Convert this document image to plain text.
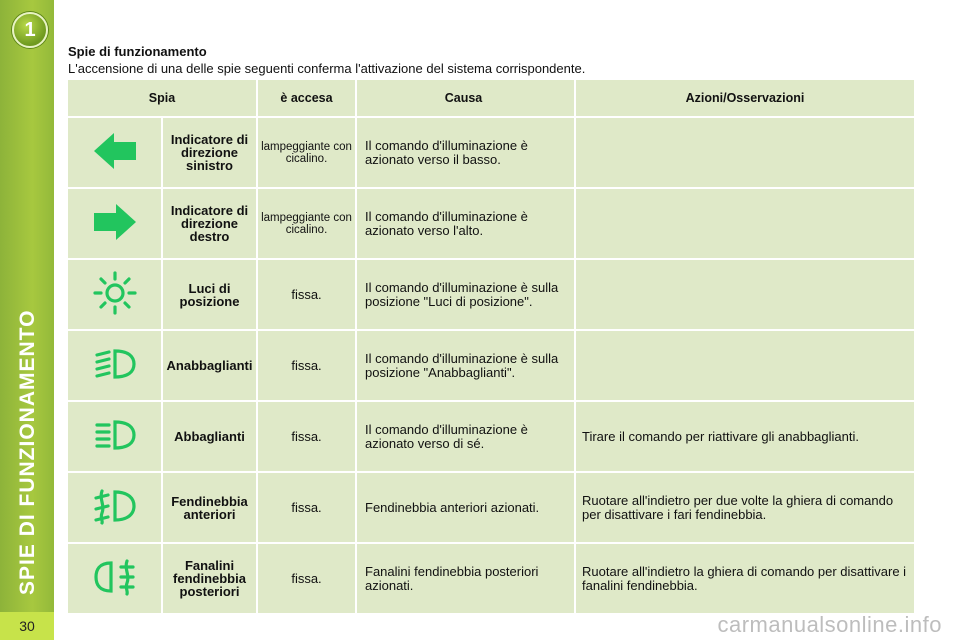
1
SPIE DI FUNZIONAMENTO
30
Spie di funzionamento
L'accensione di una delle spie seguenti conferma l'attivazione del sistema corrispondente.
Spia		è accesa	Causa	Azioni/Osservazioni
	Indicatore di direzione sinistro	lampeggiante con cicalino.	Il comando d'illuminazione è azionato verso il basso.	
	Indicatore di direzione destro	lampeggiante con cicalino.	Il comando d'illuminazione è azionato verso l'alto.	
	Luci di posizione	fissa.	Il comando d'illuminazione è sulla posizione "Luci di posizione".	
	Anabbaglianti	fissa.	Il comando d'illuminazione è sulla posizione "Anabbaglianti".	
	Abbaglianti	fissa.	Il comando d'illuminazione è azionato verso di sé.	Tirare il comando per riattivare gli anabbaglianti.
	Fendinebbia anteriori	fissa.	Fendinebbia anteriori azionati.	Ruotare all'indietro per due volte la ghiera di comando per disattivare i fari fendinebbia.
	Fanalini fendinebbia posteriori	fissa.	Fanalini fendinebbia posteriori azionati.	Ruotare all'indietro la ghiera di comando per disattivare i fanalini fendinebbia.
carmanualsonline.info
